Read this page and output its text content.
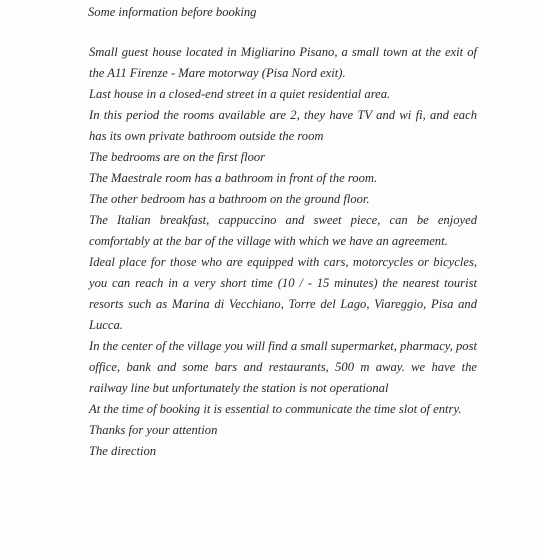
Some information before booking
Small guest house located in Migliarino Pisano, a small town at the exit of the A11 Firenze - Mare motorway (Pisa Nord exit).
Last house in a closed-end street in a quiet residential area.
In this period the rooms available are 2, they have TV and wi fi, and each has its own private bathroom outside the room
The bedrooms are on the first floor
The Maestrale room has a bathroom in front of the room.
The other bedroom has a bathroom on the ground floor.
The Italian breakfast, cappuccino and sweet piece, can be enjoyed comfortably at the bar of the village with which we have an agreement.
Ideal place for those who are equipped with cars, motorcycles or bicycles, you can reach in a very short time (10 / - 15 minutes) the nearest tourist resorts such as Marina di Vecchiano, Torre del Lago, Viareggio, Pisa and Lucca.
In the center of the village you will find a small supermarket, pharmacy, post office, bank and some bars and restaurants, 500 m away. we have the railway line but unfortunately the station is not operational
At the time of booking it is essential to communicate the time slot of entry.
Thanks for your attention
The direction
